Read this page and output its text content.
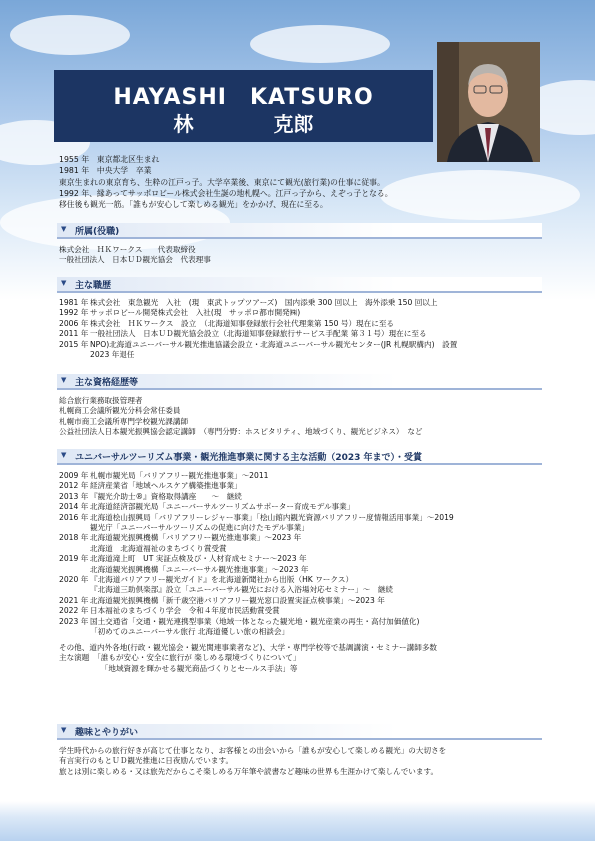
HAYASHI　KATSURO
林　　　　克郎
1955 年　東京都北区生まれ
1981 年　中央大学　卒業
東京生まれの東京育ち、生粋の江戸っ子。大学卒業後、東京にて観光(旅行業)の仕事に従事。
1992 年、縁あってサッポロビール株式会社生誕の地札幌へ。江戸っ子から、えぞっ子となる。
移住後も観光一筋。「誰もが安心して楽しめる観光」をかかげ、現在に至る。
▼ 所属(役職)
株式会社　ＨＫワークス　　代表取締役
一般社団法人　日本ＵＤ観光協会　代表理事
▼ 主な職歴
1981 年 株式会社　東急観光　入社　(現　東武トップツアーズ)　国内添乗 300 回以上　海外添乗 150 回以上
1992 年 サッポロビール開発株式会社　入社(現　サッポロ都市開発㈱)
2006 年 株式会社　ＨＫワークス　設立　（北海道知事登録旅行会社代理業第 150 号）現在に至る
2011 年 一般社団法人　日本ＵＤ観光協会設立（北海道知事登録旅行サービス手配業 第３１号）現在に至る
2015 年 NPO)北海道ユニーバーサル観光推進協議会設立・北海道ユニーバーサル観光センター(JR 札幌駅構内)　設置
2023 年退任
▼ 主な資格経歴等
総合旅行業務取扱管理者
札幌商工会議所観光分科会常任委員
札幌市商工会議所専門学校観光課講師
公益社団法人日本観光振興協会認定講師　（専門分野：ホスピタリティ、地域づくり、観光ビジネス）　など
▼ ユニバーサルツーリズム事業・観光推進事業に関する主な活動（2023 年まで）・受賞
2009 年 札幌市観光局「バリアフリー観光推進事業」～2011
2012 年 経済産業省「地域ヘルスケア構築推進事業」
2013 年 『観光介助士®』資格取得講座　　～　継続
2014 年 北海道経済部観光局「ユニーバーサルツーリズムサポーター育成モデル事業」
2016 年 北海道桧山振興局「バリアフリーレジャー事業」「桧山館内観光資源バリアフリー度情報活用事業」～2019
観光庁「ユニーバーサルツーリズムの促進に向けたモデル事業」
2018 年 北海道観光振興機構「バリアフリー観光推進事業」～2023 年
北海道　北海道福祉のまちづくり賞受賞
2019 年 北海道滝上町　UT 実証点検及び・人材育成セミナー～2023 年
北海道観光振興機構「ユニーバーサル観光推進事業」～2023 年
2020 年 『北海道バリアフリー観光ガイド』を北海道新聞社から出版（HK ワークス）
『北海道三助倶楽部』設立「ユニーバーサル観光における入浴場対応セミナー」～　継続
2021 年 北海道観光振興機構「新千歳空港バリアフリー観光窓口設置実証点検事業」～2023 年
2022 年 日本福祉のまちづくり学会　令和４年度市民活動賞受賞
2023 年 国土交通省「交通・観光連携型事業（地域一体となった観光地・観光産業の再生・高付加価値化)
「初めてのユニーバーサル旅行 北海道優しい旅の相談会」
その他、道内外各地(行政・観光協会・観光関連事業者など)、大学・専門学校等で基調講演・セミナー講師多数
主な演題　「誰もが安心・安全に旅行が 楽しめる環境づくりについて」
　　　　　　「地域資源を輝かせる観光商品づくりとセールス手法」等
▼ 趣味とやりがい
学生時代からの旅行好きが高じて仕事となり、お客様との出会いから「誰もが安心して楽しめる観光」の大切さを
有言実行のもとＵＤ観光推進に日夜励んでいます。
旅とは別に楽しめる・又は旅先だからこそ楽しめる万年筆や読書など趣味の世界も生涯かけて楽しんでいます。
